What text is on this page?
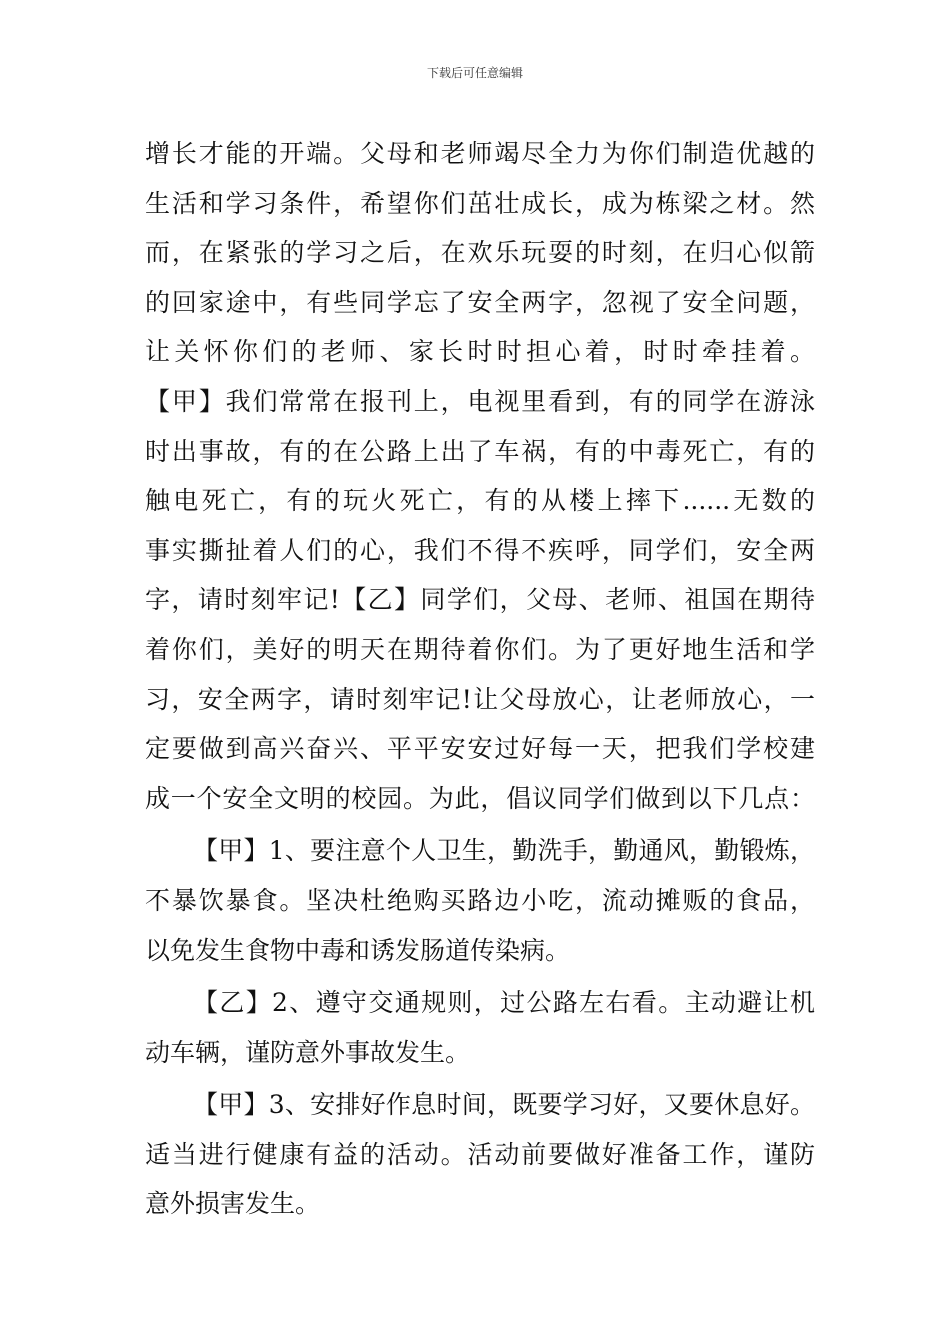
下载后可任意编辑
增长才能的开端。父母和老师竭尽全力为你们制造优越的
生活和学习条件，希望你们茁壮成长，成为栋梁之材。然
而，在紧张的学习之后，在欢乐玩耍的时刻，在归心似箭
的回家途中，有些同学忘了安全两字，忽视了安全问题，
让关怀你们的老师、家长时时担心着，时时牵挂着。
【甲】我们常常在报刊上，电视里看到，有的同学在游泳
时出事故，有的在公路上出了车祸，有的中毒死亡，有的
触电死亡，有的玩火死亡，有的从楼上摔下......无数的
事实撕扯着人们的心，我们不得不疾呼，同学们，安全两
字，请时刻牢记!【乙】同学们，父母、老师、祖国在期待
着你们，美好的明天在期待着你们。为了更好地生活和学
习，安全两字，请时刻牢记!让父母放心，让老师放心，一
定要做到高兴奋兴、平平安安过好每一天，把我们学校建
成一个安全文明的校园。为此，倡议同学们做到以下几点：
【甲】1、要注意个人卫生，勤洗手，勤通风，勤锻炼，
不暴饮暴食。坚决杜绝购买路边小吃，流动摊贩的食品，
以免发生食物中毒和诱发肠道传染病。
【乙】2、遵守交通规则，过公路左右看。主动避让机
动车辆，谨防意外事故发生。
【甲】3、安排好作息时间，既要学习好，又要休息好。
适当进行健康有益的活动。活动前要做好准备工作，谨防
意外损害发生。
